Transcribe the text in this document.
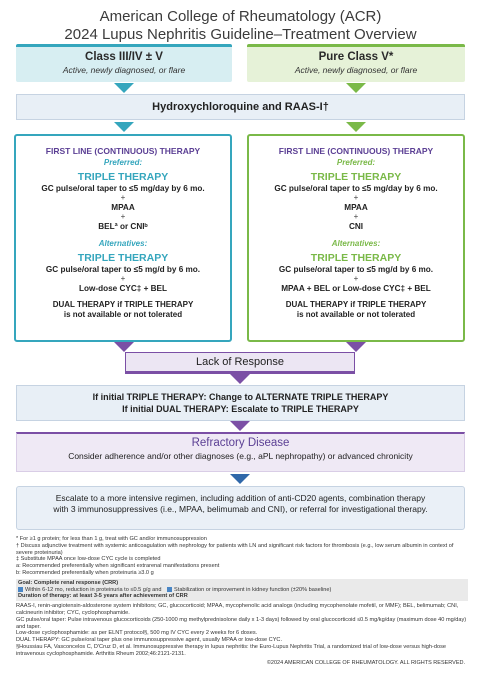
American College of Rheumatology (ACR)
2024 Lupus Nephritis Guideline–Treatment Overview
Class III/IV ± V
Active, newly diagnosed, or flare
Pure Class V*
Active, newly diagnosed, or flare
Hydroxychloroquine and RAAS-I†
FIRST LINE (CONTINUOUS) THERAPY
Preferred:
TRIPLE THERAPY
GC pulse/oral taper to ≤5 mg/day by 6 mo.
+
MPAA
+
BELª or CNIᵇ
Alternatives:
TRIPLE THERAPY
GC pulse/oral taper to ≤5 mg/d by 6 mo.
+
Low-dose CYC‡ + BEL
DUAL THERAPY if TRIPLE THERAPY
is not available or not tolerated
FIRST LINE (CONTINUOUS) THERAPY
Preferred:
TRIPLE THERAPY
GC pulse/oral taper to ≤5 mg/day by 6 mo.
+
MPAA
+
CNI
Alternatives:
TRIPLE THERAPY
GC pulse/oral taper to ≤5 mg/d by 6 mo.
+
MPAA + BEL or Low-dose CYC‡ + BEL
DUAL THERAPY if TRIPLE THERAPY
is not available or not tolerated
Lack of Response
If initial TRIPLE THERAPY: Change to ALTERNATE TRIPLE THERAPY
If initial DUAL THERAPY: Escalate to TRIPLE THERAPY
Refractory Disease
Consider adherence and/or other diagnoses (e.g., aPL nephropathy) or advanced chronicity
Escalate to a more intensive regimen, including addition of anti-CD20 agents, combination therapy
with 3 immunosuppressives (i.e., MPAA, belimumab and CNI), or referral for investigational therapy.
* For ≥1 g protein; for less than 1 g, treat with GC and/or immunosuppression
† Discuss adjunctive treatment with systemic anticoagulation with nephrology for patients with LN and significant risk factors for thrombosis (e.g., low serum albumin in context of severe proteinuria)
‡ Substitute MPAA once low-dose CYC cycle is completed
a: Recommended preferentially when significant extrarenal manifestations present
b: Recommended preferentially when proteinuria ≥3.0 g
Goal: Complete renal response (CRR)
Within 6-12 mo, reduction in proteinuria to ≤0.5 g/g and Stabilization or improvement in kidney function (±20% baseline)
Duration of therapy: at least 3-5 years after achievement of CRR
RAAS-I, renin-angiotensin-aldosterone system inhibitors; GC, glucocorticoid; MPAA, mycophenolic acid analogs (including mycophenolate mofetil, or MMF); BEL, belimumab; CNI, calcineurin inhibitor; CYC, cyclophosphamide.
GC pulse/oral taper: Pulse intravenous glucocorticoids (250-1000 mg methylprednisolone daily x 1-3 days) followed by oral glucocorticoid ≤0.5 mg/kg/day (maximum dose 40 mg/day) and taper.
Low-dose cyclophosphamide: as per ELNT protocol§, 500 mg IV CYC every 2 weeks for 6 doses.
DUAL THERAPY: GC pulse/oral taper plus one immunosuppressive agent, usually MPAA or low-dose CYC.
§Houssiau FA, Vasconcelos C, D'Cruz D, et al. Immunosuppressive therapy in lupus nephritis: the Euro-Lupus Nephritis Trial, a randomized trial of low-dose versus high-dose intravenous cyclophosphamide. Arthritis Rheum 2002;46:2121-2131.
©2024 AMERICAN COLLEGE OF RHEUMATOLOGY. ALL RIGHTS RESERVED.
